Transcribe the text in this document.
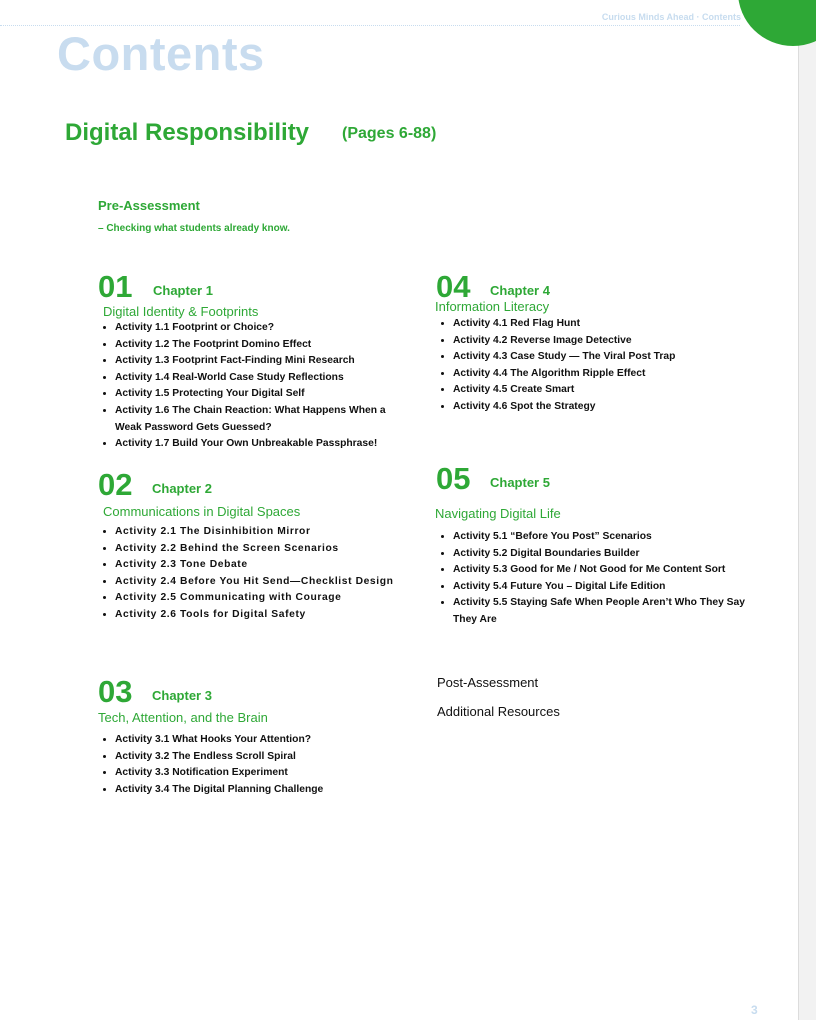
Curious Minds Ahead · Contents
Contents
Digital Responsibility (Pages 6-88)
Pre-Assessment
– Checking what students already know.
01 Chapter 1
Digital Identity & Footprints
• Activity 1.1 Footprint or Choice?
• Activity 1.2 The Footprint Domino Effect
• Activity 1.3 Footprint Fact-Finding Mini Research
• Activity 1.4 Real-World Case Study Reflections
• Activity 1.5 Protecting Your Digital Self
• Activity 1.6 The Chain Reaction: What Happens When a Weak Password Gets Guessed?
• Activity 1.7 Build Your Own Unbreakable Passphrase!
02 Chapter 2
Communications in Digital Spaces
• Activity 2.1 The Disinhibition Mirror
• Activity 2.2 Behind the Screen Scenarios
• Activity 2.3 Tone Debate
• Activity 2.4 Before You Hit Send—Checklist Design
• Activity 2.5 Communicating with Courage
• Activity 2.6 Tools for Digital Safety
03 Chapter 3
Tech, Attention, and the Brain
• Activity 3.1 What Hooks Your Attention?
• Activity 3.2 The Endless Scroll Spiral
• Activity 3.3 Notification Experiment
• Activity 3.4 The Digital Planning Challenge
04 Chapter 4
Information Literacy
• Activity 4.1 Red Flag Hunt
• Activity 4.2 Reverse Image Detective
• Activity 4.3 Case Study — The Viral Post Trap
• Activity 4.4 The Algorithm Ripple Effect
• Activity 4.5 Create Smart
• Activity 4.6 Spot the Strategy
05 Chapter 5
Navigating Digital Life
• Activity 5.1 “Before You Post” Scenarios
• Activity 5.2 Digital Boundaries Builder
• Activity 5.3 Good for Me / Not Good for Me Content Sort
• Activity 5.4 Future You – Digital Life Edition
• Activity 5.5 Staying Safe When People Aren’t Who They Say They Are
Post-Assessment
Additional Resources
3
